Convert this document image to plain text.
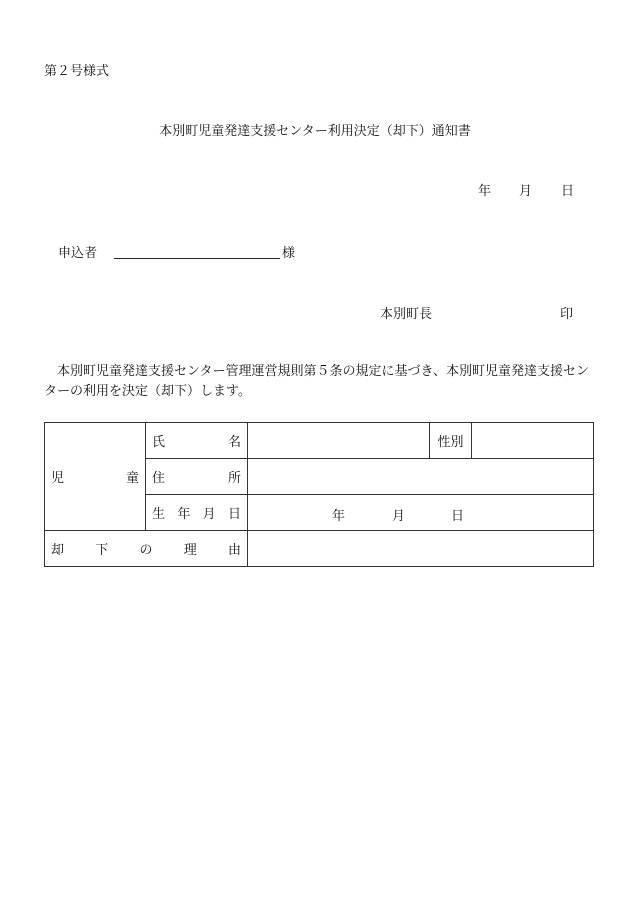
第２号様式
本別町児童発達支援センター利用決定（却下）通知書
年 月 日
申込者	様
本別町長	印
本別町児童発達支援センター管理運営規則第５条の規定に基づき、本別町児童発達支援センターの利用を決定（却下）します。
児 童	氏 名		性別	

	住 所			

	生 年 月 日	年 月 日		

却 下 の 理 由				
